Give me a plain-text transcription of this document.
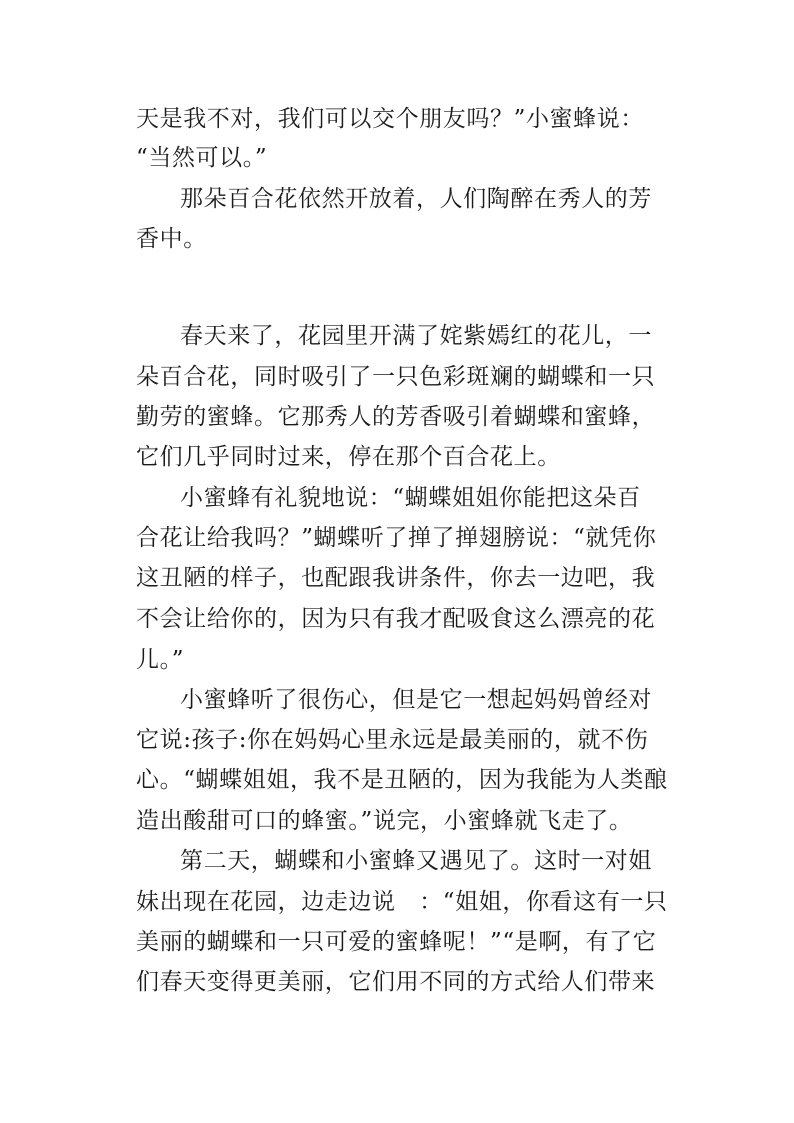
天是我不对，我们可以交个朋友吗？”小蜜蜂说：
“当然可以。”
那朵百合花依然开放着，人们陶醉在秀人的芳
香中。
春天来了，花园里开满了姹紫嫣红的花儿，一
朵百合花，同时吸引了一只色彩斑斓的蝴蝶和一只
勤劳的蜜蜂。它那秀人的芳香吸引着蝴蝶和蜜蜂，
它们几乎同时过来，停在那个百合花上。
小蜜蜂有礼貌地说：“蝴蝶姐姐你能把这朵百
合花让给我吗？”蝴蝶听了掸了掸翅膀说：“就凭你
这丑陋的样子，也配跟我讲条件，你去一边吧，我
不会让给你的，因为只有我才配吸食这么漂亮的花
儿。”
小蜜蜂听了很伤心，但是它一想起妈妈曾经对
它说:孩子:你在妈妈心里永远是最美丽的，就不伤
心。“蝴蝶姐姐，我不是丑陋的，因为我能为人类酿
造出酸甜可口的蜂蜜。”说完，小蜜蜂就飞走了。
第二天，蝴蝶和小蜜蜂又遇见了。这时一对姐
妹出现在花园，边走边说　：“姐姐，你看这有一只
美丽的蝴蝶和一只可爱的蜜蜂呢！”“是啊，有了它
们春天变得更美丽，它们用不同的方式给人们带来
